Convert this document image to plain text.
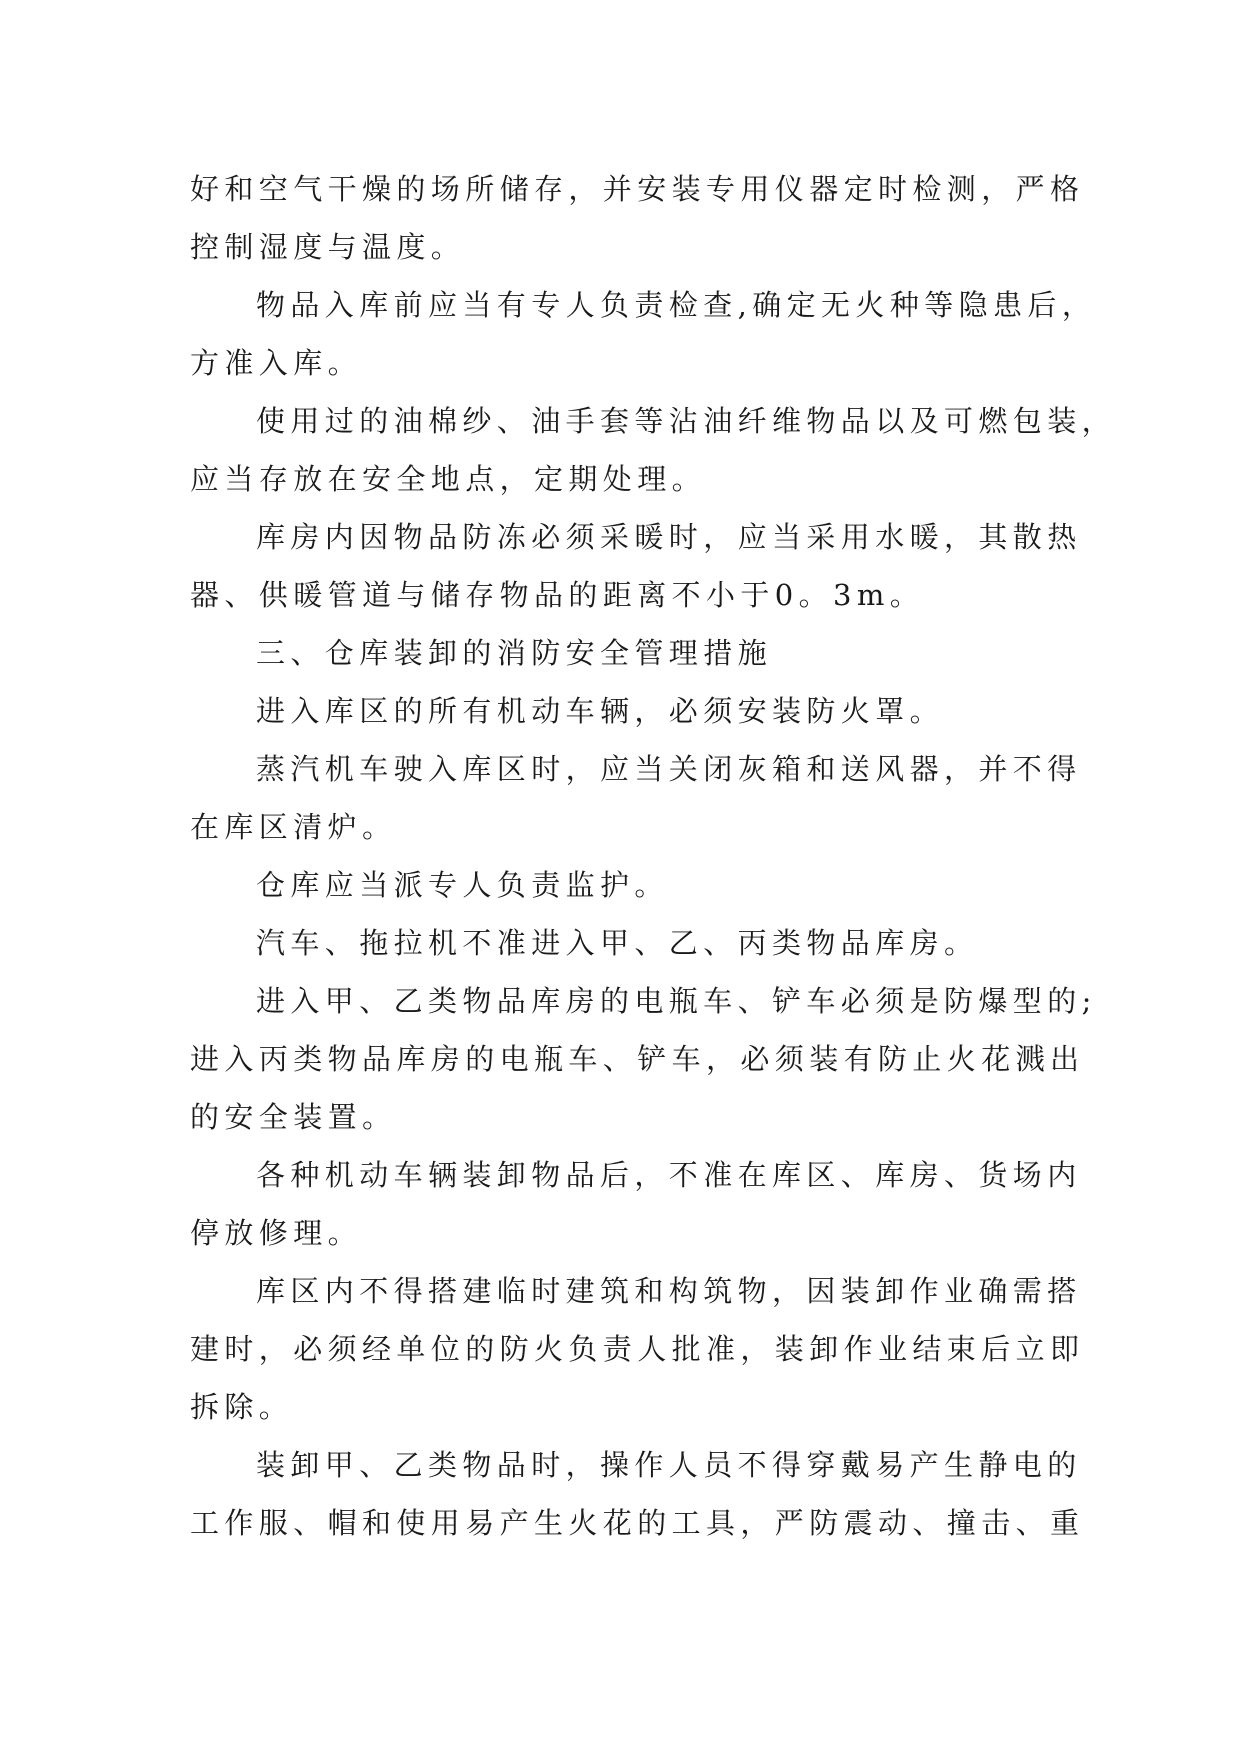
好和空气干燥的场所储存，并安装专用仪器定时检测，严格
控制湿度与温度。
物品入库前应当有专人负责检查,确定无火种等隐患后，
方准入库。
使用过的油棉纱、油手套等沾油纤维物品以及可燃包装，
应当存放在安全地点，定期处理。
库房内因物品防冻必须采暖时，应当采用水暖，其散热
器、供暖管道与储存物品的距离不小于0。3m。
三、仓库装卸的消防安全管理措施
进入库区的所有机动车辆，必须安装防火罩。
蒸汽机车驶入库区时，应当关闭灰箱和送风器，并不得
在库区清炉。
仓库应当派专人负责监护。
汽车、拖拉机不准进入甲、乙、丙类物品库房。
进入甲、乙类物品库房的电瓶车、铲车必须是防爆型的;
进入丙类物品库房的电瓶车、铲车，必须装有防止火花溅出
的安全装置。
各种机动车辆装卸物品后，不准在库区、库房、货场内
停放修理。
库区内不得搭建临时建筑和构筑物，因装卸作业确需搭
建时，必须经单位的防火负责人批准，装卸作业结束后立即
拆除。
装卸甲、乙类物品时，操作人员不得穿戴易产生静电的
工作服、帽和使用易产生火花的工具，严防震动、撞击、重
